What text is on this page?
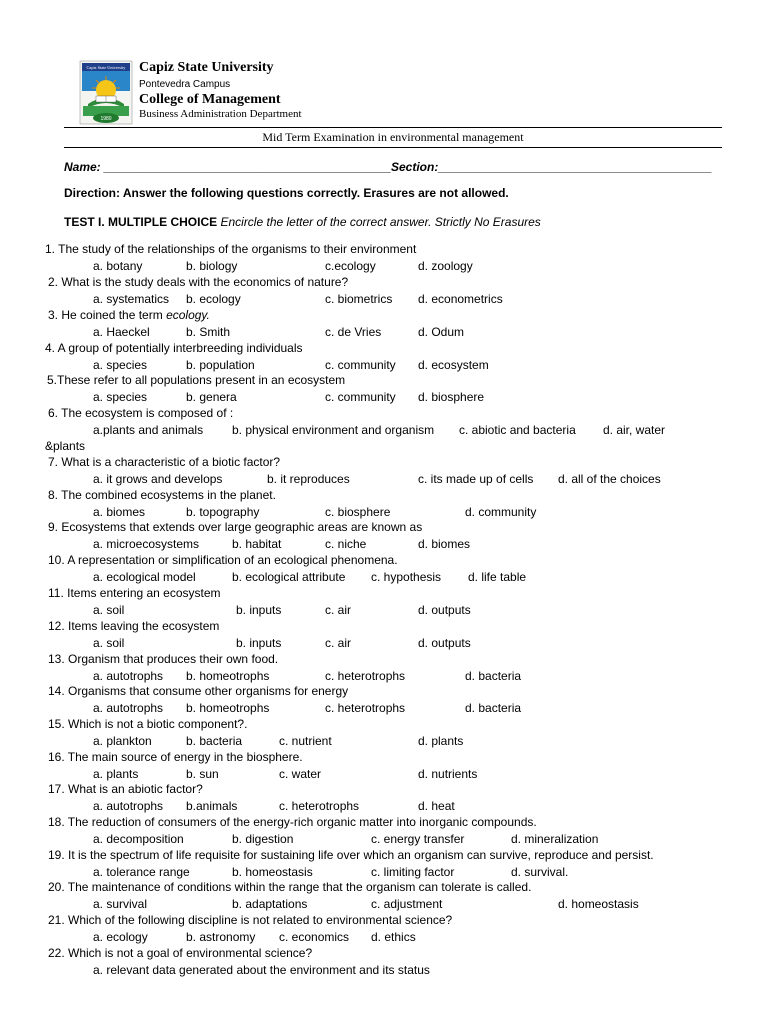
Capiz State University
1980
Capiz State University
Pontevedra Campus
College of Management
Business Administration Department
Mid Term Examination in environmental management
Name: ___________________________________________Section:_________________________________________
Direction: Answer the following questions correctly. Erasures are not allowed.
TEST I. MULTIPLE CHOICE Encircle the letter of the correct answer. Strictly No Erasures
1. The study of the relationships of the organisms to their environment
a. botany	b. biology	c.ecology	d. zoology
2. What is the study deals with the economics of nature?
a. systematics b. ecology	c. biometrics d. econometrics
3. He coined the term ecology.
a. Haeckel	b. Smith	c. de Vries	d. Odum
4. A group of potentially interbreeding individuals
a. species	b. population	c. community d. ecosystem
5.These refer to all populations present in an ecosystem
a. species	b. genera	c. community d. biosphere
6. The ecosystem is composed of :
a.plants and animals b. physical environment and organism c. abiotic and bacteria d. air, water
&plants
7. What is a characteristic of a biotic factor?
a. it grows and develops	b. it reproduces	c. its made up of cells d. all of the choices
8. The combined ecosystems in the planet.
a. biomes	b. topography	c. biosphere	d. community
9. Ecosystems that extends over large geographic areas are known as
a. microecosystems	b. habitat	c. niche	d. biomes
10. A representation or simplification of an ecological phenomena.
a. ecological model	b. ecological attribute c. hypothesis d. life table
11. Items entering an ecosystem
a. soil	b. inputs	c. air	d. outputs
12. Items leaving the ecosystem
a. soil	b. inputs	c. air	d. outputs
13. Organism that produces their own food.
a. autotrophs b. homeotrophs	c. heterotrophs	d. bacteria
14. Organisms that consume other organisms for energy
a. autotrophs b. homeotrophs	c. heterotrophs	d. bacteria
15. Which is not a biotic component?.
a. plankton	b. bacteria	c. nutrient	d. plants
16. The main source of energy in the biosphere.
a. plants	b. sun	c. water	d. nutrients
17. What is an abiotic factor?
a. autotrophs b.animals	c. heterotrophs	d. heat
18. The reduction of consumers of the energy-rich organic matter into inorganic compounds.
a. decomposition	b. digestion	c. energy transfer	d. mineralization
19. It is the spectrum of life requisite for sustaining life over which an organism can survive, reproduce and persist.
a. tolerance range	b. homeostasis	c. limiting factor	d. survival.
20. The maintenance of conditions within the range that the organism can tolerate is called.
a. survival	b. adaptations	c. adjustment	d. homeostasis
21. Which of the following discipline is not related to environmental science?
a. ecology	b. astronomy c. economics d. ethics
22. Which is not a goal of environmental science?
a. relevant data generated about the environment and its status
